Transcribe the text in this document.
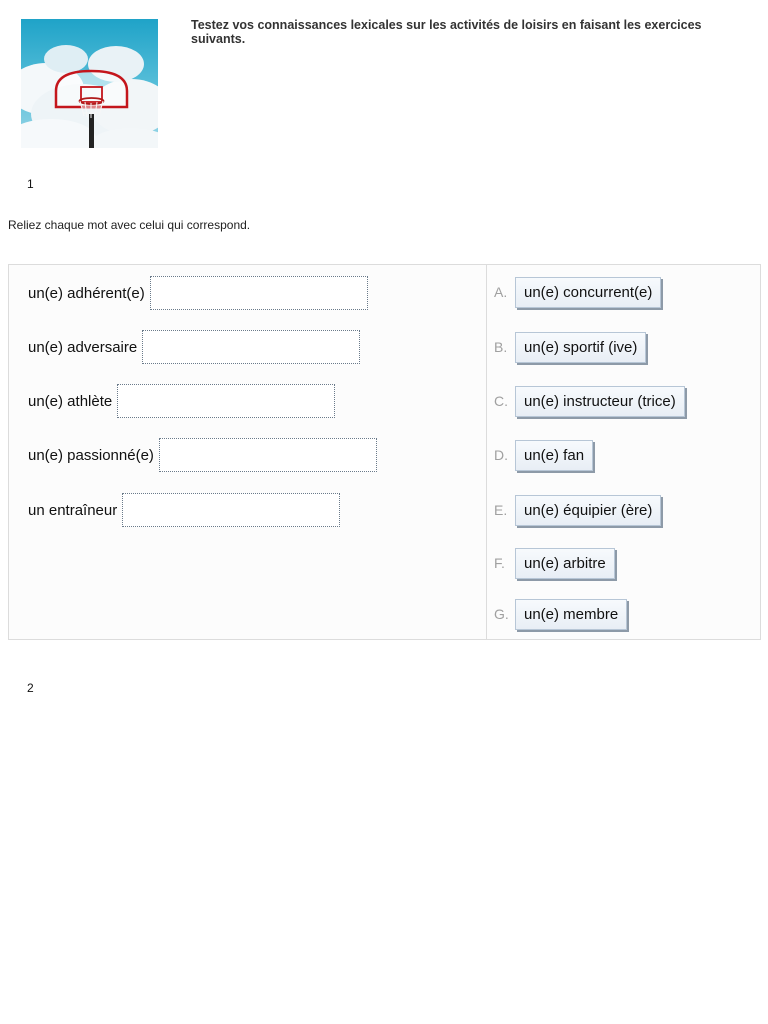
Testez vos connaissances lexicales sur les activités de loisirs en faisant les exercices suivants.
1
Reliez chaque mot avec celui qui correspond.
un(e) adhérent(e)
un(e) adversaire
un(e) athlète
un(e) passionné(e)
un entraîneur
A.	un(e) concurrent(e)
B.	un(e) sportif (ive)
C.	un(e) instructeur (trice)
D.	un(e) fan
E.	un(e) équipier (ère)
F.	un(e) arbitre
G.	un(e) membre
2
